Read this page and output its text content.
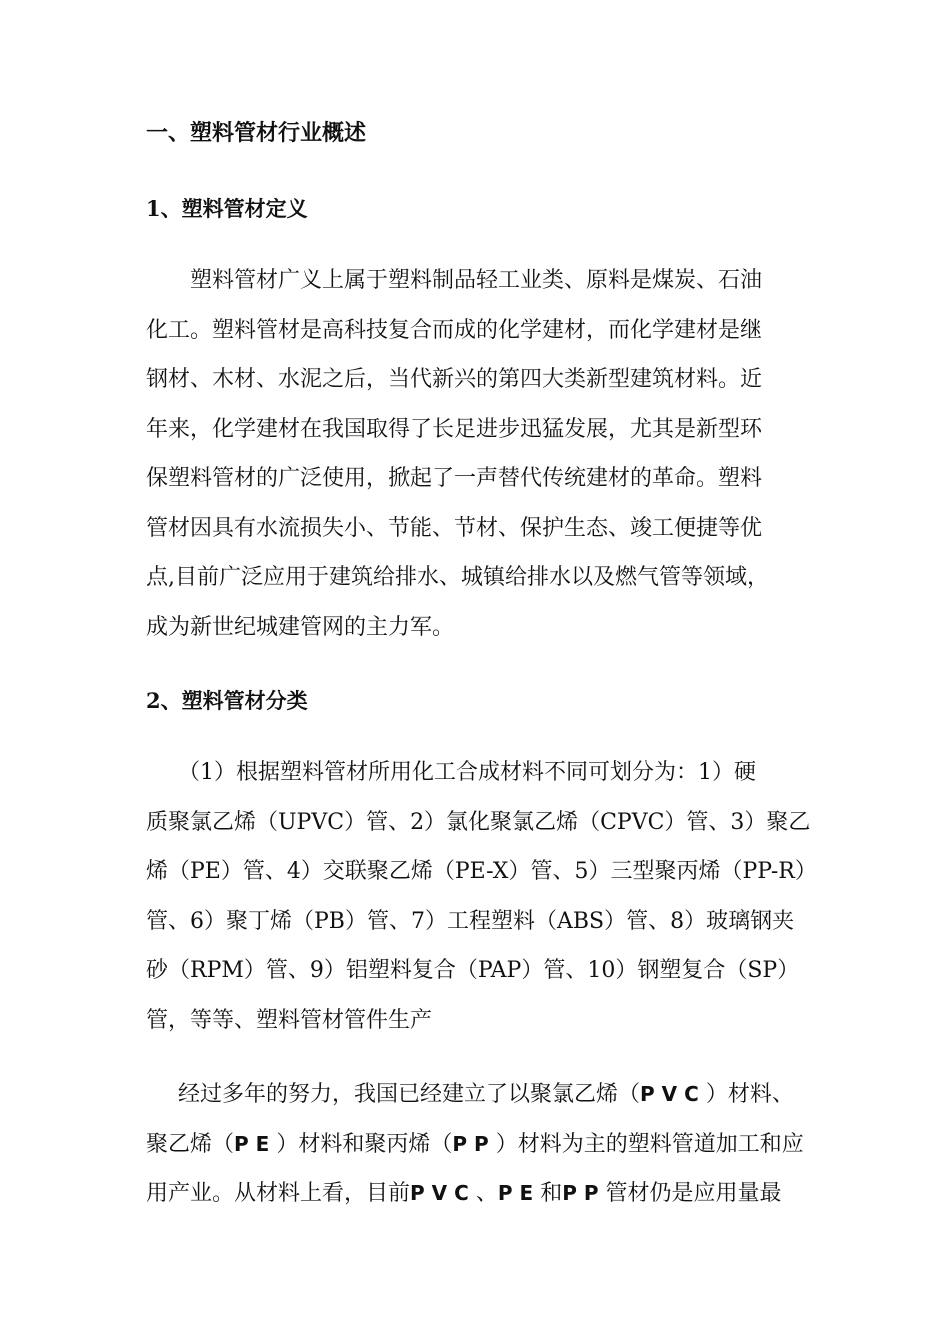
一、塑料管材行业概述
1、塑料管材定义
塑料管材广义上属于塑料制品轻工业类、原料是煤炭、石油
化工。塑料管材是高科技复合而成的化学建材，而化学建材是继
钢材、木材、水泥之后，当代新兴的第四大类新型建筑材料。近
年来，化学建材在我国取得了长足进步迅猛发展，尤其是新型环
保塑料管材的广泛使用，掀起了一声替代传统建材的革命。塑料
管材因具有水流损失小、节能、节材、保护生态、竣工便捷等优
点,目前广泛应用于建筑给排水、城镇给排水以及燃气管等领域，
成为新世纪城建管网的主力军。
2、塑料管材分类
（1）根据塑料管材所用化工合成材料不同可划分为：1）硬
质聚氯乙烯（UPVC）管、2）氯化聚氯乙烯（CPVC）管、3）聚乙
烯（PE）管、4）交联聚乙烯（PE-X）管、5）三型聚丙烯（PP-R）
管、6）聚丁烯（PB）管、7）工程塑料（ABS）管、8）玻璃钢夹
砂（RPM）管、9）铝塑料复合（PAP）管、10）钢塑复合（SP）
管，等等、塑料管材管件生产
经过多年的努力，我国已经建立了以聚氯乙烯（PVC）材料、
聚乙烯（PE）材料和聚丙烯（PP）材料为主的塑料管道加工和应
用产业。从材料上看，目前PVC、PE和PP管材仍是应用量最
